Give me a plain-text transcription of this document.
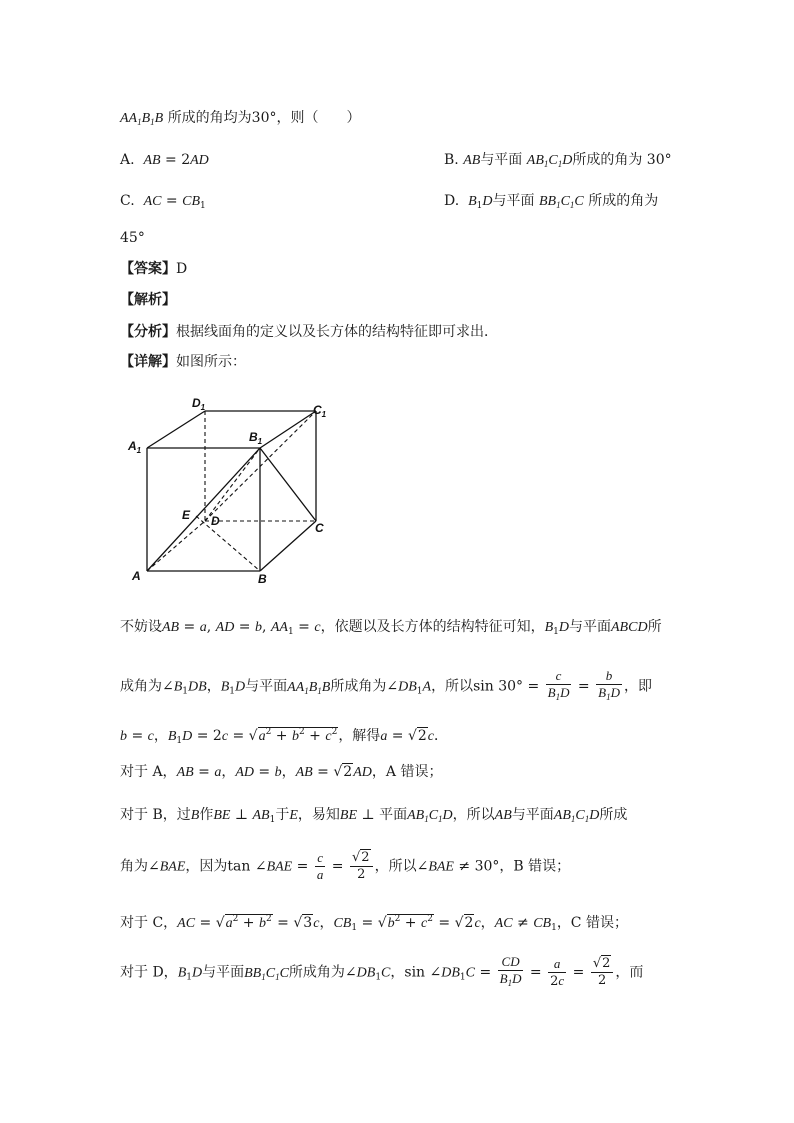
$AA_1B_1B$ 所成的角均为30°，则（　　）
A. AB = 2AD	B. AB与平面 $AB_1C_1D$所成的角为 30°
C. AC = $CB_1$	D. $B_1D$与平面 $BB_1C_1C$ 所成的角为
45°
【答案】D
【解析】
【分析】根据线面角的定义以及长方体的结构特征即可求出．
【详解】如图所示：
$D_1$	$C_1$
$A_1$
$B_1$
E D	C
A	B
不妨设AB = a, AD = b, $AA_1 = c$，依题以及长方体的结构特征可知，$B_1D$与平面ABCD所
成角为$\angle B_1DB$，$B_1D$与平面$AA_1B_1B$所成角为$\angle DB_1A$，所以$\sin 30^\circ = \frac{c}{B_1D} = \frac{b}{B_1D}$ ，即
b = c，$B_1D = 2c = √a^2 + b^2 + c^2$，解得a = √2c．
对于 A，AB = a，AD = b，AB = √2AD，A 错误；
对于 B，过B作BE ⊥ $AB_1$于E，易知BE ⊥ 平面$AB_1C_1D$，所以AB与平面$AB_1C_1D$所成
角为∠BAE，因为tan ∠BAE = $\frac{c}{a} = \frac{√2}{2}$ ，所以∠BAE ≠ 30°，B 错误；
对于 C，AC = $√a^2 + b^2 = √3c$，$CB_1 = √b^2 + c^2 = √2c$，AC ≠ $CB_1$，C 错误；
对于 D，$B_1D$与平面$BB_1C_1C$所成角为$\angle DB_1C$，$\sin \angle DB_1C = \frac{CD}{B_1D} = \frac{a}{2c} = \frac{√2}{2}$ ，而
